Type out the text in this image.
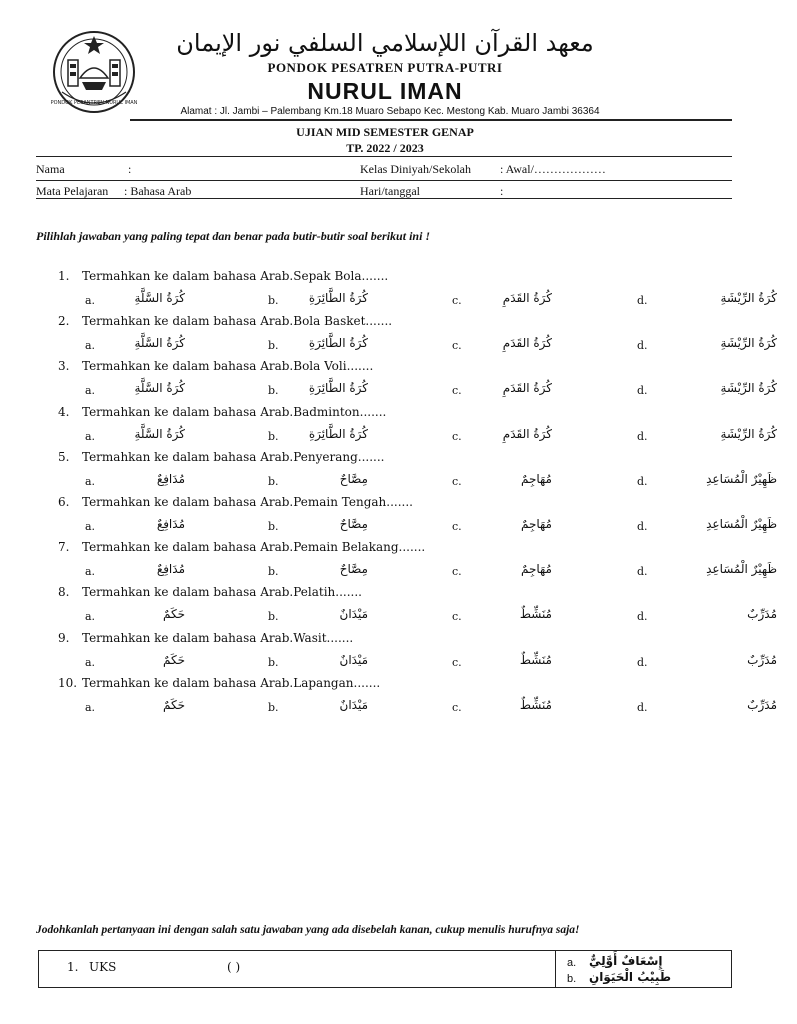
PONDOK PESANTREN NURUL IMAN
معهد القرآن اللإسلامي السلفي نور الإيمان
PONDOK PESATREN PUTRA-PUTRI
NURUL IMAN
Alamat : Jl. Jambi – Palembang Km.18 Muaro Sebapo Kec. Mestong Kab. Muaro Jambi 36364
UJIAN MID SEMESTER GENAP
TP. 2022 / 2023
Nama	:	Kelas Diniyah/Sekolah : Awal/………………
Mata Pelajaran : Bahasa Arab	Hari/tanggal	:
Pilihlah jawaban yang paling tepat dan benar pada butir-butir soal berikut ini !
1. Termahkan ke dalam bahasa Arab.Sepak Bola.......
a.	كُرَةُ السَّلَّةِ	b.	كُرَةُ الطَّائِرَةِ	c.	كُرَةُ القَدَمِ	d.	كُرَةُ الرِّيْشَةِ
2. Termahkan ke dalam bahasa Arab.Bola Basket.......
a.	كُرَةُ السَّلَّةِ	b.	كُرَةُ الطَّائِرَةِ	c.	كُرَةُ القَدَمِ	d.	كُرَةُ الرِّيْشَةِ
3. Termahkan ke dalam bahasa Arab.Bola Voli.......
a.	كُرَةُ السَّلَّةِ	b.	كُرَةُ الطَّائِرَةِ	c.	كُرَةُ القَدَمِ	d.	كُرَةُ الرِّيْشَةِ
4. Termahkan ke dalam bahasa Arab.Badminton.......
a.	كُرَةُ السَّلَّةِ	b.	كُرَةُ الطَّائِرَةِ	c.	كُرَةُ القَدَمِ	d.	كُرَةُ الرِّيْشَةِ
5. Termahkan ke dalam bahasa Arab.Penyerang.......
a.	مُدَافِعٌ	b.	مِصَّاحٌ	c.	مُهَاجِمٌ	d.	ظَهِيْرٌ الْمُسَاعِدِ
6. Termahkan ke dalam bahasa Arab.Pemain Tengah.......
a.	مُدَافِعٌ	b.	مِصَّاحٌ	c.	مُهَاجِمٌ	d.	ظَهِيْرٌ الْمُسَاعِدِ
7. Termahkan ke dalam bahasa Arab.Pemain Belakang.......
a.	مُدَافِعٌ	b.	مِصَّاحٌ	c.	مُهَاجِمٌ	d.	ظَهِيْرٌ الْمُسَاعِدِ
8. Termahkan ke dalam bahasa Arab.Pelatih.......
a.	حَكَمٌ	b.	مَيْدَانٌ	c.	مُنَشِّطٌ	d.	مُدَرِّبٌ
9. Termahkan ke dalam bahasa Arab.Wasit.......
a.	حَكَمٌ	b.	مَيْدَانٌ	c.	مُنَشِّطٌ	d.	مُدَرِّبٌ
10. Termahkan ke dalam bahasa Arab.Lapangan.......
a.	حَكَمٌ	b.	مَيْدَانٌ	c.	مُنَشِّطٌ	d.	مُدَرِّبٌ
Jodohkanlah pertanyaan ini dengan salah satu jawaban yang ada disebelah kanan, cukup menulis hurufnya saja!
1. UKS	( )	a. إِسْعَافٌ أَوَّلِيٌّ
b. طَبِيْبُ الْحَيَوَانِ
